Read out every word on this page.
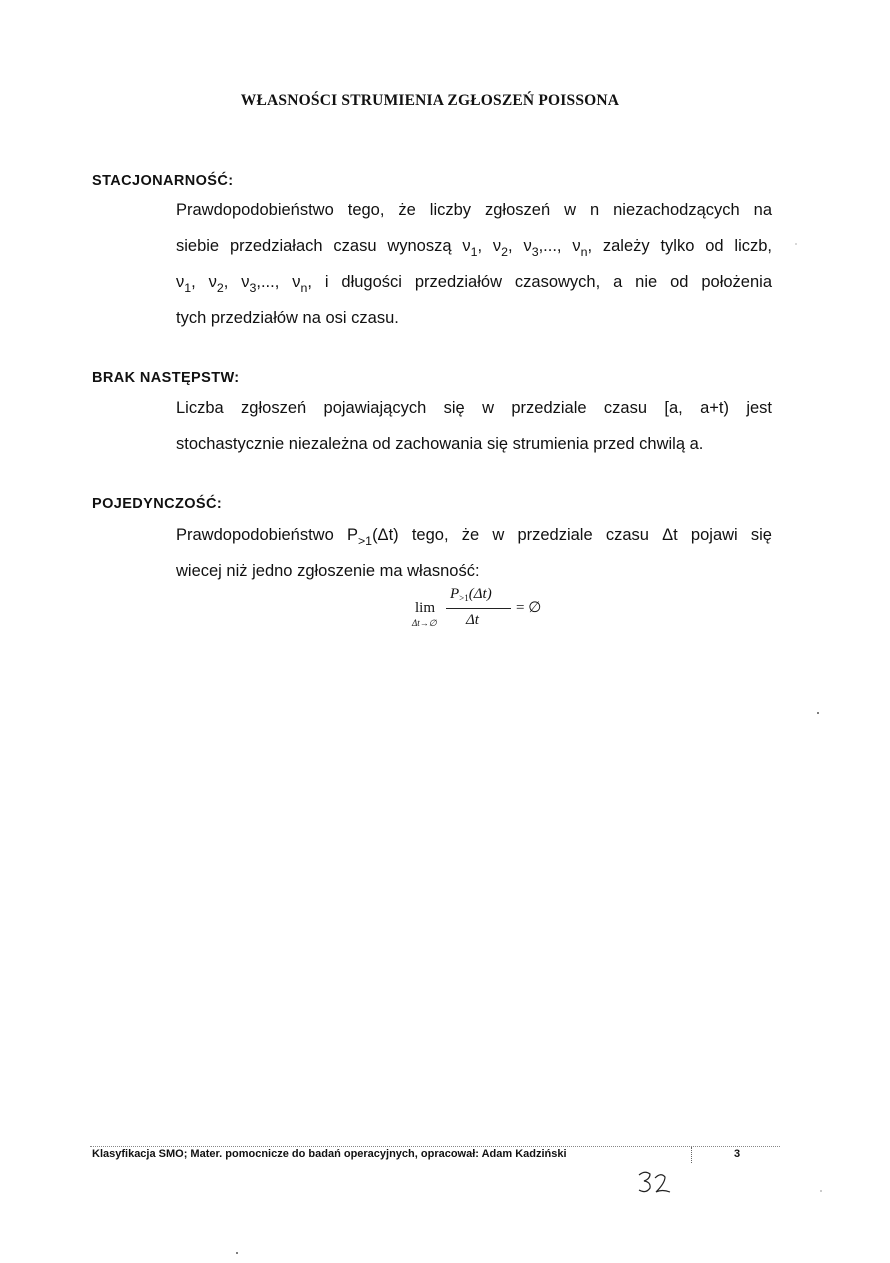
WŁASNOŚCI STRUMIENIA ZGŁOSZEŃ POISSONA
STACJONARNOŚĆ:
Prawdopodobieństwo tego, że liczby zgłoszeń w n niezachodzących na
siebie przedziałach czasu wynoszą $\nu_1$, $\nu_2$, $\nu_3$,..., $\nu_n$, zależy tylko od liczb,
$\nu_1$, $\nu_2$, $\nu_3$,..., $\nu_n$, i długości przedziałów czasowych, a nie od położenia
tych przedziałów na osi czasu.
BRAK NASTĘPSTW:
Liczba zgłoszeń pojawiających się w przedziale czasu [a, a+t) jest
stochastycznie niezależna od zachowania się strumienia przed chwilą a.
POJEDYNCZOŚĆ:
Prawdopodobieństwo $P_{>1}(\Delta t)$ tego, że w przedziale czasu Δt pojawi się
wiecej niż jedno zgłoszenie ma własność:
lim
Δt→∅
$P_{>1}(\Delta t)$
Δt
= ∅
Klasyfikacja SMO; Mater. pomocnicze do badań operacyjnych, opracował: Adam Kadziński	3
